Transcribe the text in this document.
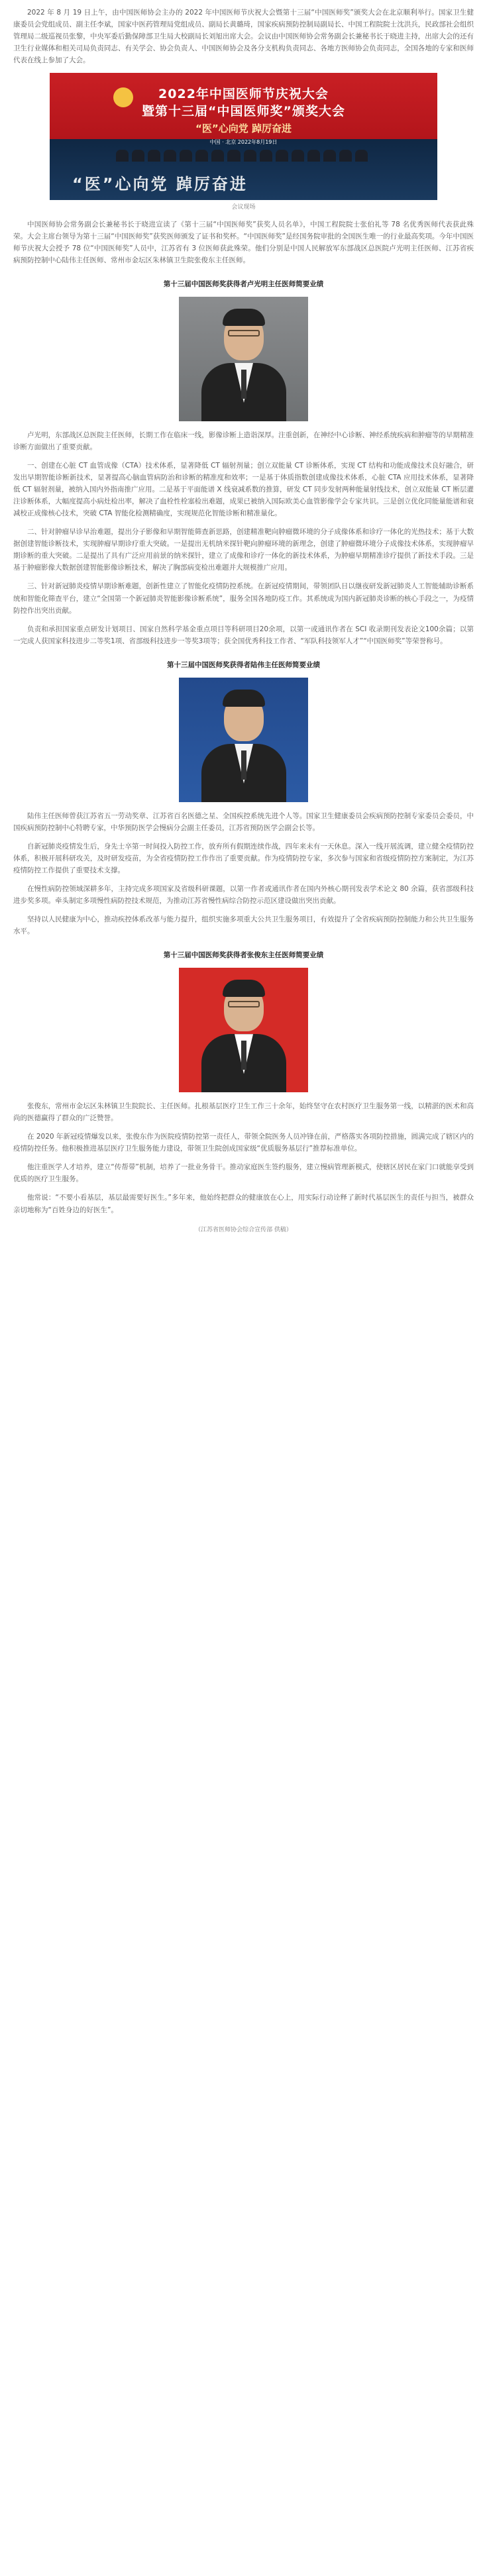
2022 年 8 月 19 日上午，由中国医师协会主办的 2022 年中国医师节庆祝大会暨第十三届“中国医师奖”颁奖大会在北京顺利举行。国家卫生健康委员会党组成员、副主任李斌，国家中医药管理局党组成员、副局长黄璐琦，国家疾病预防控制局副局长、中国工程院院士沈洪兵，民政部社会组织管理局二级巡视员张黎，中央军委后勤保障部卫生局大校副局长刘旭出席大会。会议由中国医师协会常务副会长兼秘书长于晓进主持，出席大会的还有卫生行业媒体和相关司局负责同志、有关学会、协会负责人、中国医师协会及各分支机构负责同志、各地方医师协会负责同志，全国各地的专家和医师代表在线上参加了大会。

2022年中国医师节庆祝大会
暨第十三届“中国医师奖”颁奖大会
“医”心向党 踔厉奋进
中国 · 北京 2022年8月19日
“医”心向党 踔厉奋进
会议现场

中国医师协会常务副会长兼秘书长于晓进宣读了《第十三届“中国医师奖”获奖人员名单》，中国工程院院士张伯礼等 78 名优秀医师代表获此殊荣。大会主席台领导为第十三届“中国医师奖”获奖医师颁发了证书和奖杯。“中国医师奖”是经国务院审批的全国医生唯一的行业最高奖项。今年中国医师节庆祝大会授予 78 位“中国医师奖”人员中，江苏省有 3 位医师获此殊荣。他们分别是中国人民解放军东部战区总医院卢光明主任医师、江苏省疾病预防控制中心陆伟主任医师、常州市金坛区朱林镇卫生院张俊东主任医师。

第十三届中国医师奖获得者卢光明主任医师简要业绩

卢光明，东部战区总医院主任医师，长期工作在临床一线，影像诊断上造诣深厚。注重创新，在神经中心诊断、神经系统疾病和肿瘤等的早期精准诊断方面做出了重要贡献。

一、创建在心脏 CT 血管成像（CTA）技术体系，显著降低 CT 辐射剂量；创立双能量 CT 诊断体系，实现 CT 结构和功能成像技术良好融合，研发出早期智能诊断新技术，显著提高心脑血管病防治和诊断的精准度和效率；一是基于体质指数创建成像技术体系，心脏 CTA 应用技术体系，显著降低 CT 辐射剂量，被纳入国内外指南推广应用。二是基于平面能谱 X 线衰减系数的推算，研发 CT 同步发射两种能量射线技术，创立双能量 CT 断层灌注诊断体系，大幅度提高小病灶检出率，解决了血栓性栓塞检出难题，成果已被纳入国际欧美心血管影像学会专家共识。三是创立优化同能量能谱和衰减校正成像核心技术，突破 CTA 智能化检测精确度，实现规范化智能诊断和精准量化。

二、针对肿瘤早诊早治难题，提出分子影像和早期智能筛查新思路，创建精准靶向肿瘤微环境的分子成像体系和诊疗一体化的光热技术；基于大数据创建智能诊断技术，实现肿瘤早期诊疗重大突破。一是提出无机纳米探针靶向肿瘤环境的新理念，创建了肿瘤微环境分子成像技术体系，实现肿瘤早期诊断的重大突破。二是提出了具有广泛应用前景的纳米探针，建立了成像和诊疗一体化的新技术体系，为肿瘤早期精准诊疗提供了新技术手段。三是基于肿瘤影像大数据创建智能影像诊断技术，解决了胸部病变检出难题并大规模推广应用。

三、针对新冠肺炎疫情早期诊断难题，创新性建立了智能化疫情防控系统。在新冠疫情期间，带领团队日以继夜研发新冠肺炎人工智能辅助诊断系统和智能化筛查平台，建立“全国第一个新冠肺炎智能影像诊断系统”，服务全国各地防疫工作。其系统成为国内新冠肺炎诊断的核心手段之一，为疫情防控作出突出贡献。

负责和承担国家重点研发计划项目、国家自然科学基金重点项目等科研项目20余项，以第一或通讯作者在 SCI 收录期刊发表论文100余篇；以第一完成人获国家科技进步二等奖1项、省部级科技进步一等奖3项等；获全国优秀科技工作者、“军队科技领军人才”“中国医师奖”等荣誉称号。

第十三届中国医师奖获得者陆伟主任医师简要业绩

陆伟主任医师曾获江苏省五一劳动奖章、江苏省百名医德之星、全国疾控系统先进个人等。国家卫生健康委员会疾病预防控制专家委员会委员，中国疾病预防控制中心特聘专家，中华预防医学会慢病分会副主任委员，江苏省预防医学会副会长等。

自新冠肺炎疫情发生后，身先士卒第一时间投入防控工作，放弃所有假期连续作战，四年来未有一天休息。深入一线开展流调，建立健全疫情防控体系，积极开展科研攻关，及时研发疫苗，为全省疫情防控工作作出了重要贡献。作为疫情防控专家，多次参与国家和省级疫情防控方案制定，为江苏疫情防控工作提供了重要技术支撑。

在慢性病防控领域深耕多年，主持完成多项国家及省级科研课题，以第一作者或通讯作者在国内外核心期刊发表学术论文 80 余篇，获省部级科技进步奖多项。牵头制定多项慢性病防控技术规范，为推动江苏省慢性病综合防控示范区建设做出突出贡献。

坚持以人民健康为中心，推动疾控体系改革与能力提升，组织实施多项重大公共卫生服务项目，有效提升了全省疾病预防控制能力和公共卫生服务水平。

第十三届中国医师奖获得者张俊东主任医师简要业绩

张俊东，常州市金坛区朱林镇卫生院院长、主任医师。扎根基层医疗卫生工作三十余年，始终坚守在农村医疗卫生服务第一线，以精湛的医术和高尚的医德赢得了群众的广泛赞誉。

在 2020 年新冠疫情爆发以来，张俊东作为医院疫情防控第一责任人，带领全院医务人员冲锋在前，严格落实各项防控措施，圆满完成了辖区内的疫情防控任务。他积极推进基层医疗卫生服务能力建设，带领卫生院创成国家级“优质服务基层行”推荐标准单位。

他注重医学人才培养，建立“传帮带”机制，培养了一批业务骨干。推动家庭医生签约服务，建立慢病管理新模式，使辖区居民在家门口就能享受到优质的医疗卫生服务。

他常说：“不要小看基层，基层最需要好医生。”多年来，他始终把群众的健康放在心上，用实际行动诠释了新时代基层医生的责任与担当，被群众亲切地称为“百姓身边的好医生”。

（江苏省医师协会综合宣传部 供稿）
